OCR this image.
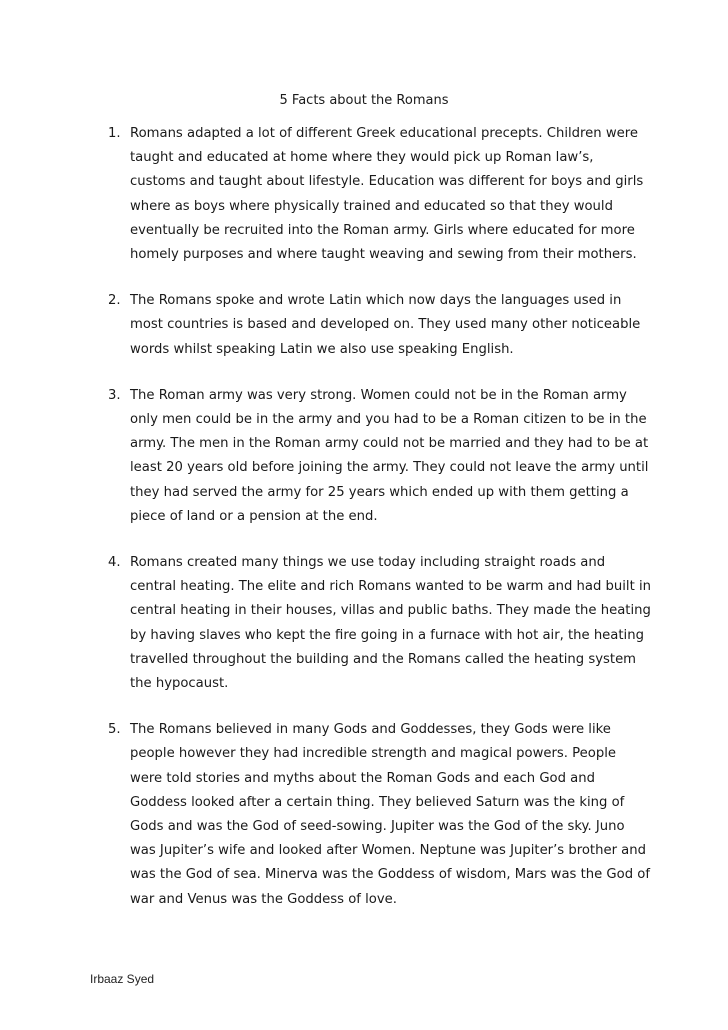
5 Facts about the Romans
1. Romans adapted a lot of different Greek educational precepts. Children were taught and educated at home where they would pick up Roman law’s, customs and taught about lifestyle. Education was different for boys and girls where as boys where physically trained and educated so that they would eventually be recruited into the Roman army. Girls where educated for more homely purposes and where taught weaving and sewing from their mothers.
2. The Romans spoke and wrote Latin which now days the languages used in most countries is based and developed on. They used many other noticeable words whilst speaking Latin we also use speaking English.
3. The Roman army was very strong. Women could not be in the Roman army only men could be in the army and you had to be a Roman citizen to be in the army. The men in the Roman army could not be married and they had to be at least 20 years old before joining the army. They could not leave the army until they had served the army for 25 years which ended up with them getting a piece of land or a pension at the end.
4. Romans created many things we use today including straight roads and central heating. The elite and rich Romans wanted to be warm and had built in central heating in their houses, villas and public baths. They made the heating by having slaves who kept the fire going in a furnace with hot air, the heating travelled throughout the building and the Romans called the heating system the hypocaust.
5. The Romans believed in many Gods and Goddesses, they Gods were like people however they had incredible strength and magical powers. People were told stories and myths about the Roman Gods and each God and Goddess looked after a certain thing. They believed Saturn was the king of Gods and was the God of seed-sowing. Jupiter was the God of the sky. Juno was Jupiter’s wife and looked after Women. Neptune was Jupiter’s brother and was the God of sea. Minerva was the Goddess of wisdom, Mars was the God of war and Venus was the Goddess of love.
Irbaaz Syed
